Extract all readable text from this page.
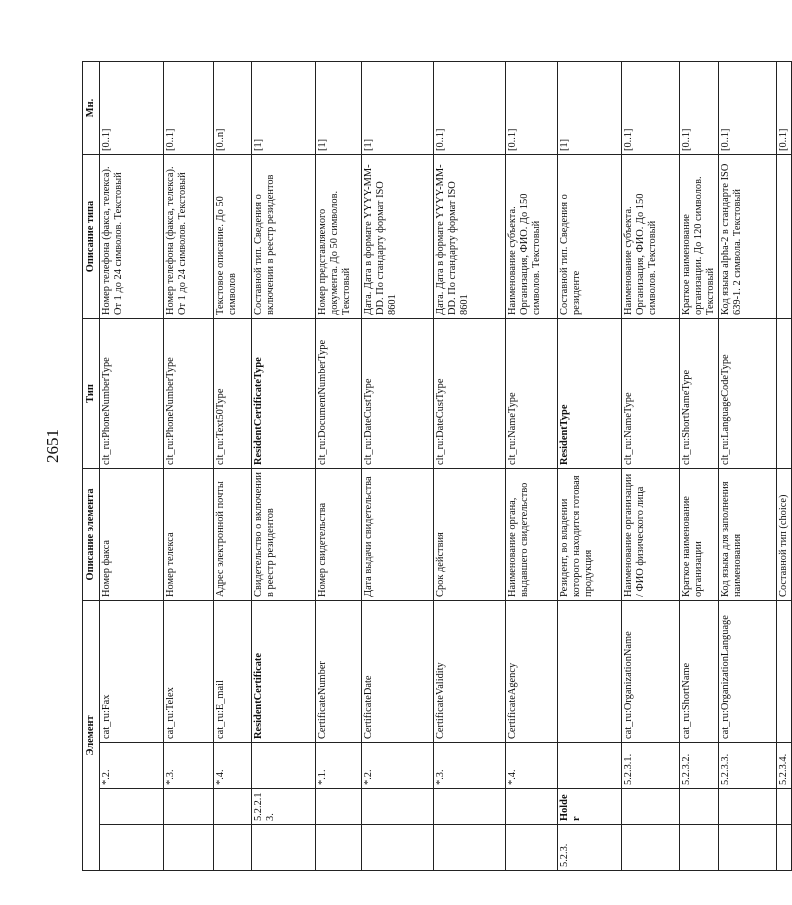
2651
Элемент				Описание элемента	Тип	Описание типа	Мн.
		*.2.	cat_ru:Fax	Номер факса	clt_ru:PhoneNumberType	Номер телефона (факса, телекса). От 1 до 24 символов. Текстовый	[0..1]
		*.3.	cat_ru:Telex	Номер телекса	clt_ru:PhoneNumberType	Номер телефона (факса, телекса). От 1 до 24 символов. Текстовый	[0..1]
		*.4.	cat_ru:E_mail	Адрес электронной почты	clt_ru:Text50Type	Текстовое описание. До 50 символов	[0..n]
	5.2.2.13.		ResidentCertificate	Свидетельство о включении в реестр резидентов	ResidentCertificateType	Составной тип. Сведения о включении в реестр резидентов	[1]
		*.1.	CertificateNumber	Номер свидетельства	clt_ru:DocumentNumberType	Номер представляемого документа. До 50 символов. Текстовый	[1]
		*.2.	CertificateDate	Дата выдачи свидетельства	clt_ru:DateCustType	Дата. Дата в формате YYYY-MM-DD. По стандарту формат ISO 8601	[1]
		*.3.	CertificateValidity	Срок действия	clt_ru:DateCustType	Дата. Дата в формате YYYY-MM-DD. По стандарту формат ISO 8601	[0..1]
		*.4.	CertificateAgency	Наименование органа, выдавшего свидетельство	clt_ru:NameType	Наименование субъекта. Организация, ФИО. До 150 символов. Текстовый	[0..1]
5.2.3.	Holder			Резидент, во владении которого находится готовая продукция	ResidentType	Составной тип. Сведения о резиденте	[1]
		5.2.3.1.	cat_ru:OrganizationName	Наименование организации / ФИО физического лица	clt_ru:NameType	Наименование субъекта. Организация, ФИО. До 150 символов. Текстовый	[0..1]
		5.2.3.2.	cat_ru:ShortName	Краткое наименование организации	clt_ru:ShortNameType	Краткое наименование организации. До 120 символов. Текстовый	[0..1]
		5.2.3.3.	cat_ru:OrganizationLanguage	Код языка для заполнения наименования	clt_ru:LanguageCodeType	Код языка alpha-2 в стандарте ISO 639-1. 2 символа. Текстовый	[0..1]
		5.2.3.4.		Составной тип (choice)			[0..1]
